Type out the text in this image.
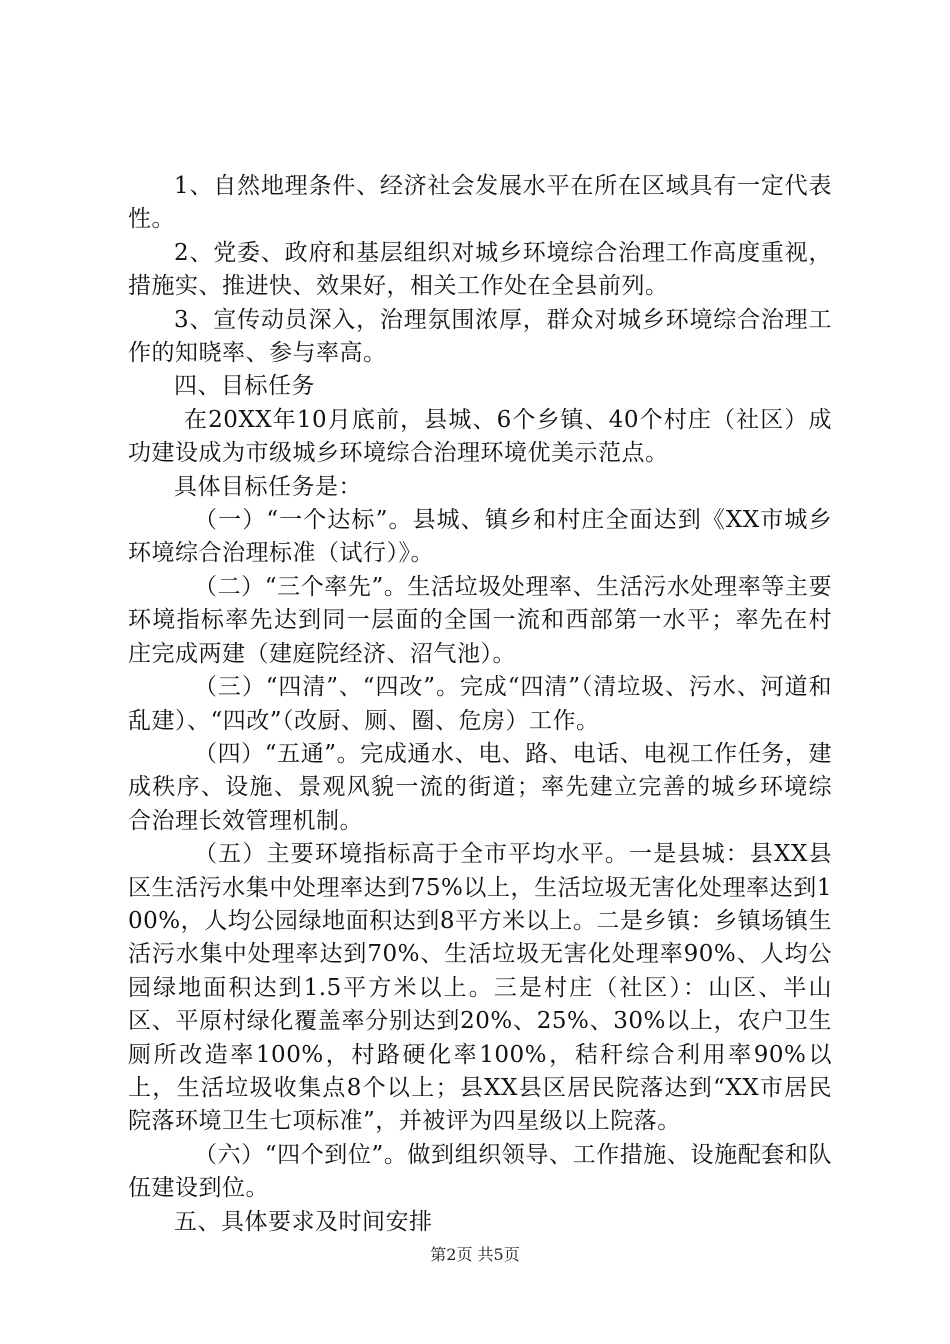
1、自然地理条件、经济社会发展水平在所在区域具有一定代表性。

2、党委、政府和基层组织对城乡环境综合治理工作高度重视，措施实、推进快、效果好，相关工作处在全县前列。

3、宣传动员深入，治理氛围浓厚，群众对城乡环境综合治理工作的知晓率、参与率高。

四、目标任务

在20XX年10月底前，县城、6个乡镇、40个村庄（社区）成功建设成为市级城乡环境综合治理环境优美示范点。

具体目标任务是：

（一）“一个达标”。县城、镇乡和村庄全面达到《XX市城乡环境综合治理标准（试行）》。

（二）“三个率先”。生活垃圾处理率、生活污水处理率等主要环境指标率先达到同一层面的全国一流和西部第一水平；率先在村庄完成两建（建庭院经济、沼气池）。

（三）“四清”、“四改”。完成“四清”（清垃圾、污水、河道和乱建）、“四改”（改厨、厕、圈、危房）工作。

（四）“五通”。完成通水、电、路、电话、电视工作任务，建成秩序、设施、景观风貌一流的街道；率先建立完善的城乡环境综合治理长效管理机制。

（五）主要环境指标高于全市平均水平。一是县城：县XX县区生活污水集中处理率达到75%以上，生活垃圾无害化处理率达到100%，人均公园绿地面积达到8平方米以上。二是乡镇：乡镇场镇生活污水集中处理率达到70%、生活垃圾无害化处理率90%、人均公园绿地面积达到1.5平方米以上。三是村庄（社区）：山区、半山区、平原村绿化覆盖率分别达到20%、25%、30%以上，农户卫生厕所改造率100%，村路硬化率100%，秸秆综合利用率90%以上，生活垃圾收集点8个以上；县XX县区居民院落达到“XX市居民院落环境卫生七项标准”，并被评为四星级以上院落。

（六）“四个到位”。做到组织领导、工作措施、设施配套和队伍建设到位。

五、具体要求及时间安排

第2页 共5页
